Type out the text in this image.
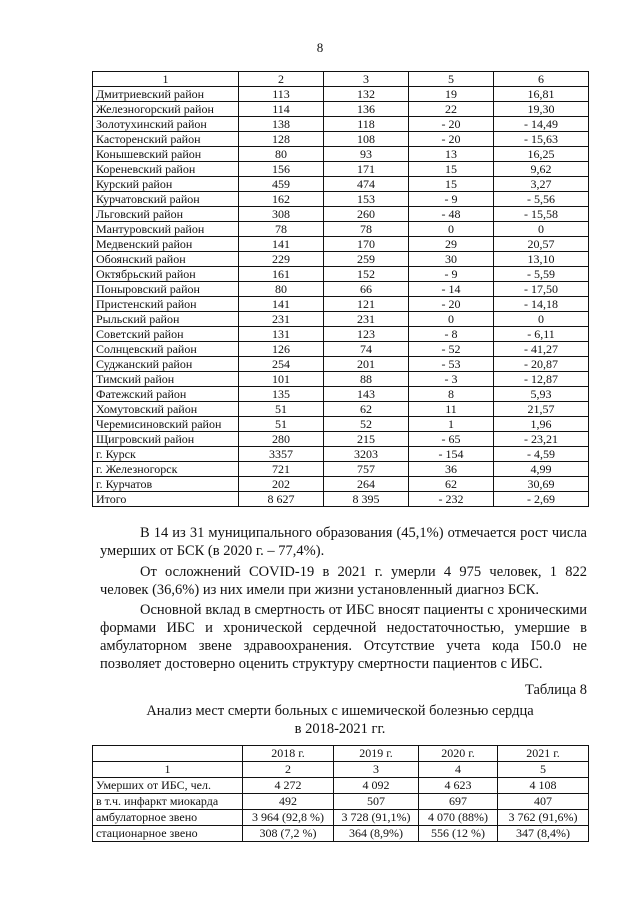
8
1	2	3	5	6
Дмитриевский район	113	132	19	16,81
Железногорский район	114	136	22	19,30
Золотухинский район	138	118	- 20	- 14,49
Касторенский район	128	108	- 20	- 15,63
Конышевский район	80	93	13	16,25
Кореневский район	156	171	15	9,62
Курский район	459	474	15	3,27
Курчатовский район	162	153	- 9	- 5,56
Льговский район	308	260	- 48	- 15,58
Мантуровский район	78	78	0	0
Медвенский район	141	170	29	20,57
Обоянский район	229	259	30	13,10
Октябрьский район	161	152	- 9	- 5,59
Поныровский район	80	66	- 14	- 17,50
Пристенский район	141	121	- 20	- 14,18
Рыльский район	231	231	0	0
Советский район	131	123	- 8	- 6,11
Солнцевский район	126	74	- 52	- 41,27
Суджанский район	254	201	- 53	- 20,87
Тимский район	101	88	- 3	- 12,87
Фатежский район	135	143	8	5,93
Хомутовский район	51	62	11	21,57
Черемисиновский район	51	52	1	1,96
Щигровский район	280	215	- 65	- 23,21
г. Курск	3357	3203	- 154	- 4,59
г. Железногорск	721	757	36	4,99
г. Курчатов	202	264	62	30,69
Итого	8 627	8 395	- 232	- 2,69
В 14 из 31 муниципального образования (45,1%) отмечается рост числа умерших от БСК (в 2020 г. – 77,4%).
От осложнений COVID-19 в 2021 г. умерли 4 975 человек, 1 822 человек (36,6%) из них имели при жизни установленный диагноз БСК.
Основной вклад в смертность от ИБС вносят пациенты с хроническими формами ИБС и хронической сердечной недостаточностью, умершие в амбулаторном звене здравоохранения. Отсутствие учета кода I50.0 не позволяет достоверно оценить структуру смертности пациентов с ИБС.
Таблица 8
Анализ мест смерти больных с ишемической болезнью сердца
в 2018-2021 гг.
	2018 г.	2019 г.	2020 г.	2021 г.
1	2	3	4	5
Умерших от ИБС, чел.	4 272	4 092	4 623	4 108
в т.ч. инфаркт миокарда	492	507	697	407
амбулаторное звено	3 964 (92,8 %)	3 728 (91,1%)	4 070 (88%)	3 762 (91,6%)
стационарное звено	308 (7,2 %)	364 (8,9%)	556 (12 %)	347 (8,4%)
